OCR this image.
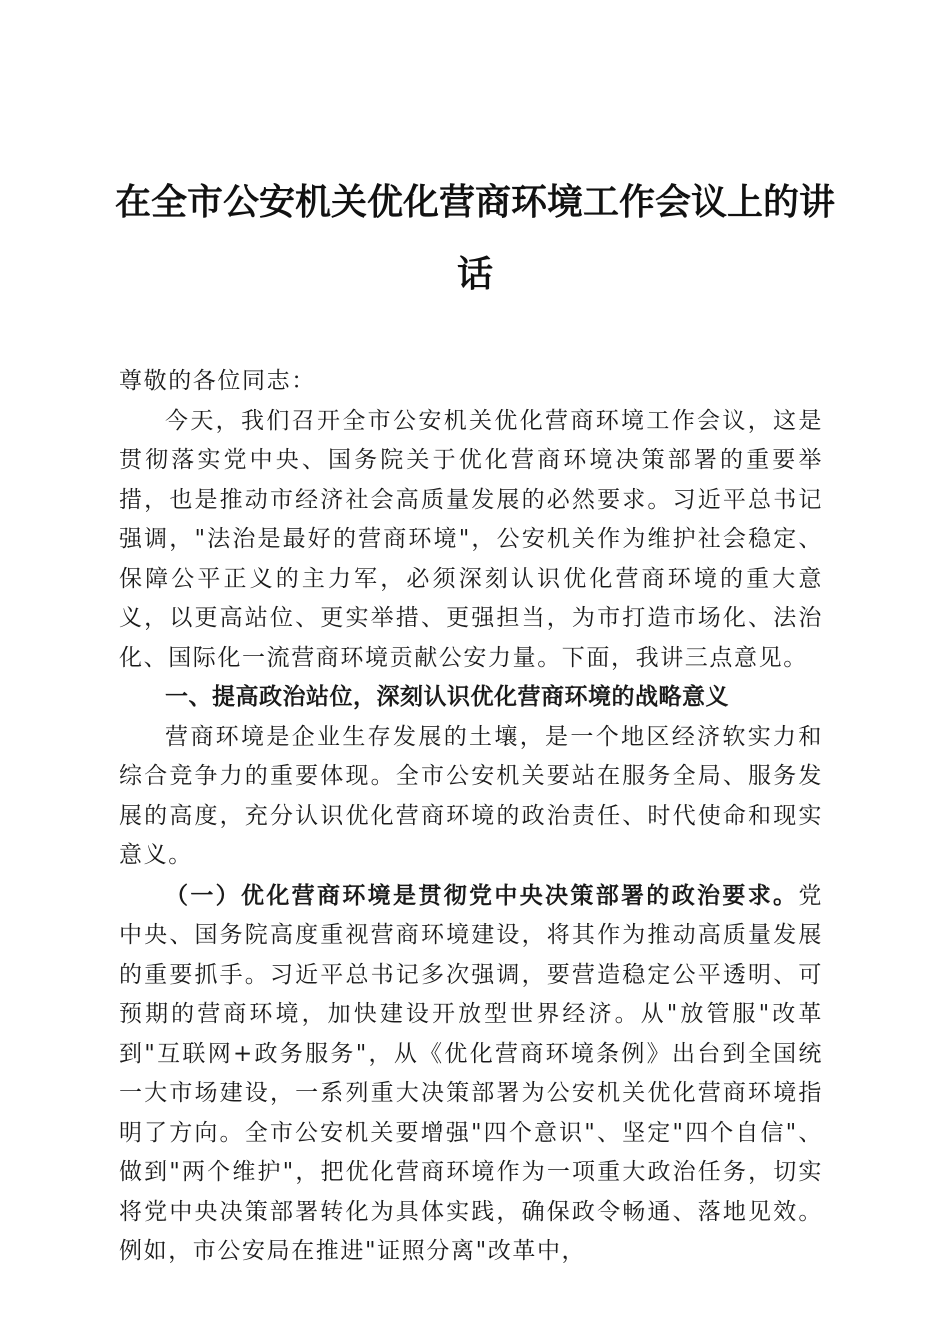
在全市公安机关优化营商环境工作会议上的讲话

尊敬的各位同志：

今天，我们召开全市公安机关优化营商环境工作会议，这是贯彻落实党中央、国务院关于优化营商环境决策部署的重要举措，也是推动市经济社会高质量发展的必然要求。习近平总书记强调，"法治是最好的营商环境"，公安机关作为维护社会稳定、保障公平正义的主力军，必须深刻认识优化营商环境的重大意义，以更高站位、更实举措、更强担当，为市打造市场化、法治化、国际化一流营商环境贡献公安力量。下面，我讲三点意见。

一、提高政治站位，深刻认识优化营商环境的战略意义

营商环境是企业生存发展的土壤，是一个地区经济软实力和综合竞争力的重要体现。全市公安机关要站在服务全局、服务发展的高度，充分认识优化营商环境的政治责任、时代使命和现实意义。

（一）优化营商环境是贯彻党中央决策部署的政治要求。党中央、国务院高度重视营商环境建设，将其作为推动高质量发展的重要抓手。习近平总书记多次强调，要营造稳定公平透明、可预期的营商环境，加快建设开放型世界经济。从"放管服"改革到"互联网+政务服务"，从《优化营商环境条例》出台到全国统一大市场建设，一系列重大决策部署为公安机关优化营商环境指明了方向。全市公安机关要增强"四个意识"、坚定"四个自信"、做到"两个维护"，把优化营商环境作为一项重大政治任务，切实将党中央决策部署转化为具体实践，确保政令畅通、落地见效。例如，市公安局在推进"证照分离"改革中，
